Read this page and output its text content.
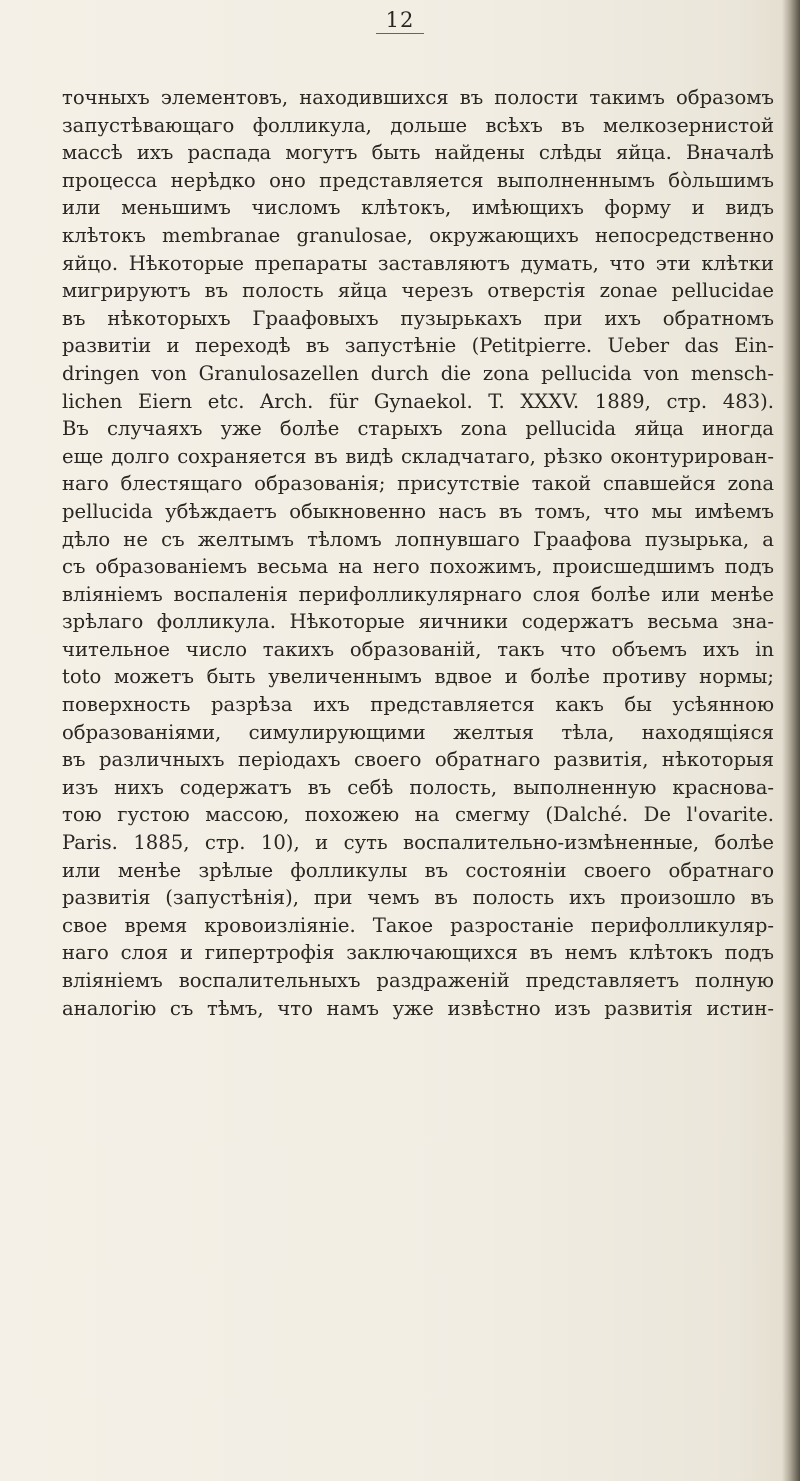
12
точныхъ элементовъ, находившихся въ полости такимъ образомъ
запустѣвающаго фолликула, дольше всѣхъ въ мелкозернистой
массѣ ихъ распада могутъ быть найдены слѣды яйца. Вначалѣ
процесса нерѣдко оно представляется выполненнымъ бо̀льшимъ
или меньшимъ числомъ клѣтокъ, имѣющихъ форму и видъ
клѣтокъ membranae granulosae, окружающихъ непосредственно
яйцо. Нѣкоторые препараты заставляютъ думать, что эти клѣтки
мигрируютъ въ полость яйца черезъ отверстія zonae pellucidae
въ нѣкоторыхъ Граафовыхъ пузырькахъ при ихъ обратномъ
развитіи и переходѣ въ запустѣніе (Petitpierre. Ueber das Ein-
dringen von Granulosazellen durch die zona pellucida von mensch-
lichen Eiern etc. Arch. für Gynaekol. T. XXXV. 1889, стр. 483).
Въ случаяхъ уже болѣе старыхъ zona pellucida яйца иногда
еще долго сохраняется въ видѣ складчатаго, рѣзко оконтурирован-
наго блестящаго образованія; присутствіе такой спавшейся zona
pellucida убѣждаетъ обыкновенно насъ въ томъ, что мы имѣемъ
дѣло не съ желтымъ тѣломъ лопнувшаго Граафова пузырька, а
съ образованіемъ весьма на него похожимъ, происшедшимъ подъ
вліяніемъ воспаленія перифолликулярнаго слоя болѣе или менѣе
зрѣлаго фолликула. Нѣкоторые яичники содержатъ весьма зна-
чительное число такихъ образованій, такъ что объемъ ихъ in
toto можетъ быть увеличеннымъ вдвое и болѣе противу нормы;
поверхность разрѣза ихъ представляется какъ бы усѣянною
образованіями, симулирующими желтыя тѣла, находящіяся
въ различныхъ періодахъ своего обратнаго развитія, нѣкоторыя
изъ нихъ содержатъ въ себѣ полость, выполненную краснова-
тою густою массою, похожею на смегму (Dalché. De l'ovarite.
Paris. 1885, стр. 10), и суть воспалительно-измѣненные, болѣе
или менѣе зрѣлые фолликулы въ состояніи своего обратнаго
развитія (запустѣнія), при чемъ въ полость ихъ произошло въ
свое время кровоизліяніе. Такое разростаніе перифолликуляр-
наго слоя и гипертрофія заключающихся въ немъ клѣтокъ подъ
вліяніемъ воспалительныхъ раздраженій представляетъ полную
аналогію съ тѣмъ, что намъ уже извѣстно изъ развитія истин-
